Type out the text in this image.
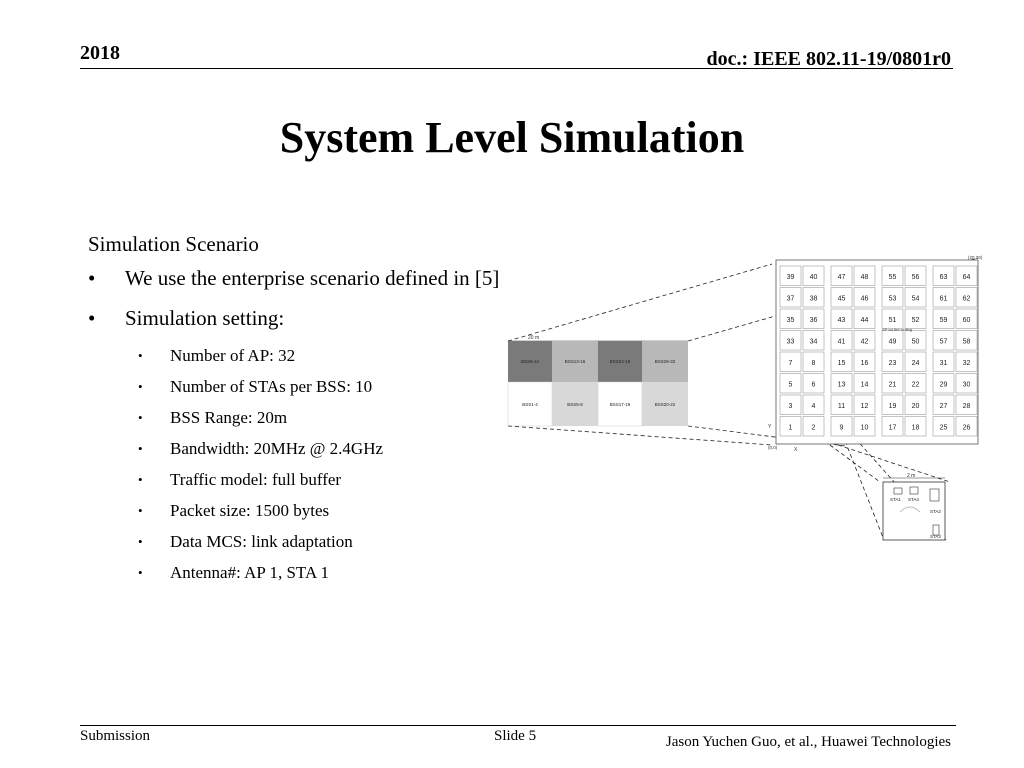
2018	doc.: IEEE 802.11-19/0801r0
System Level Simulation
Simulation Scenario
• We use the enterprise scenario defined in [5]
• Simulation setting:
• Number of AP: 32
• Number of STAs per BSS: 10
• BSS Range: 20m
• Bandwidth: 20MHz @ 2.4GHz
• Traffic model: full buffer
• Packet size: 1500 bytes
• Data MCS: link adaptation
• Antenna#: AP 1, STA 1
20 m
BSS9-12	BSS13-16	BSS24-18	BSS29-32
BSS1-4	BSS5-8	BSS17-19	BSS20-22
39 40	47 48	55 56	63 64
37 38	45 46	53 54	61 62
35 36	43 44	51 52	59 60
33 34	41 42	49 50	57 58
7	8	15 16	23 24	31 32
5	6	13 14	21 22	29 30
3	4	11 12	19 20	27 28
1	2	9 10	17 18	25 26
(20,20)
(0,0)	X
Y
AP on the ceiling
2 m
STA1 STA4
STA2
STA3
Submission	Slide 5	Jason Yuchen Guo, et al., Huawei Technologies
